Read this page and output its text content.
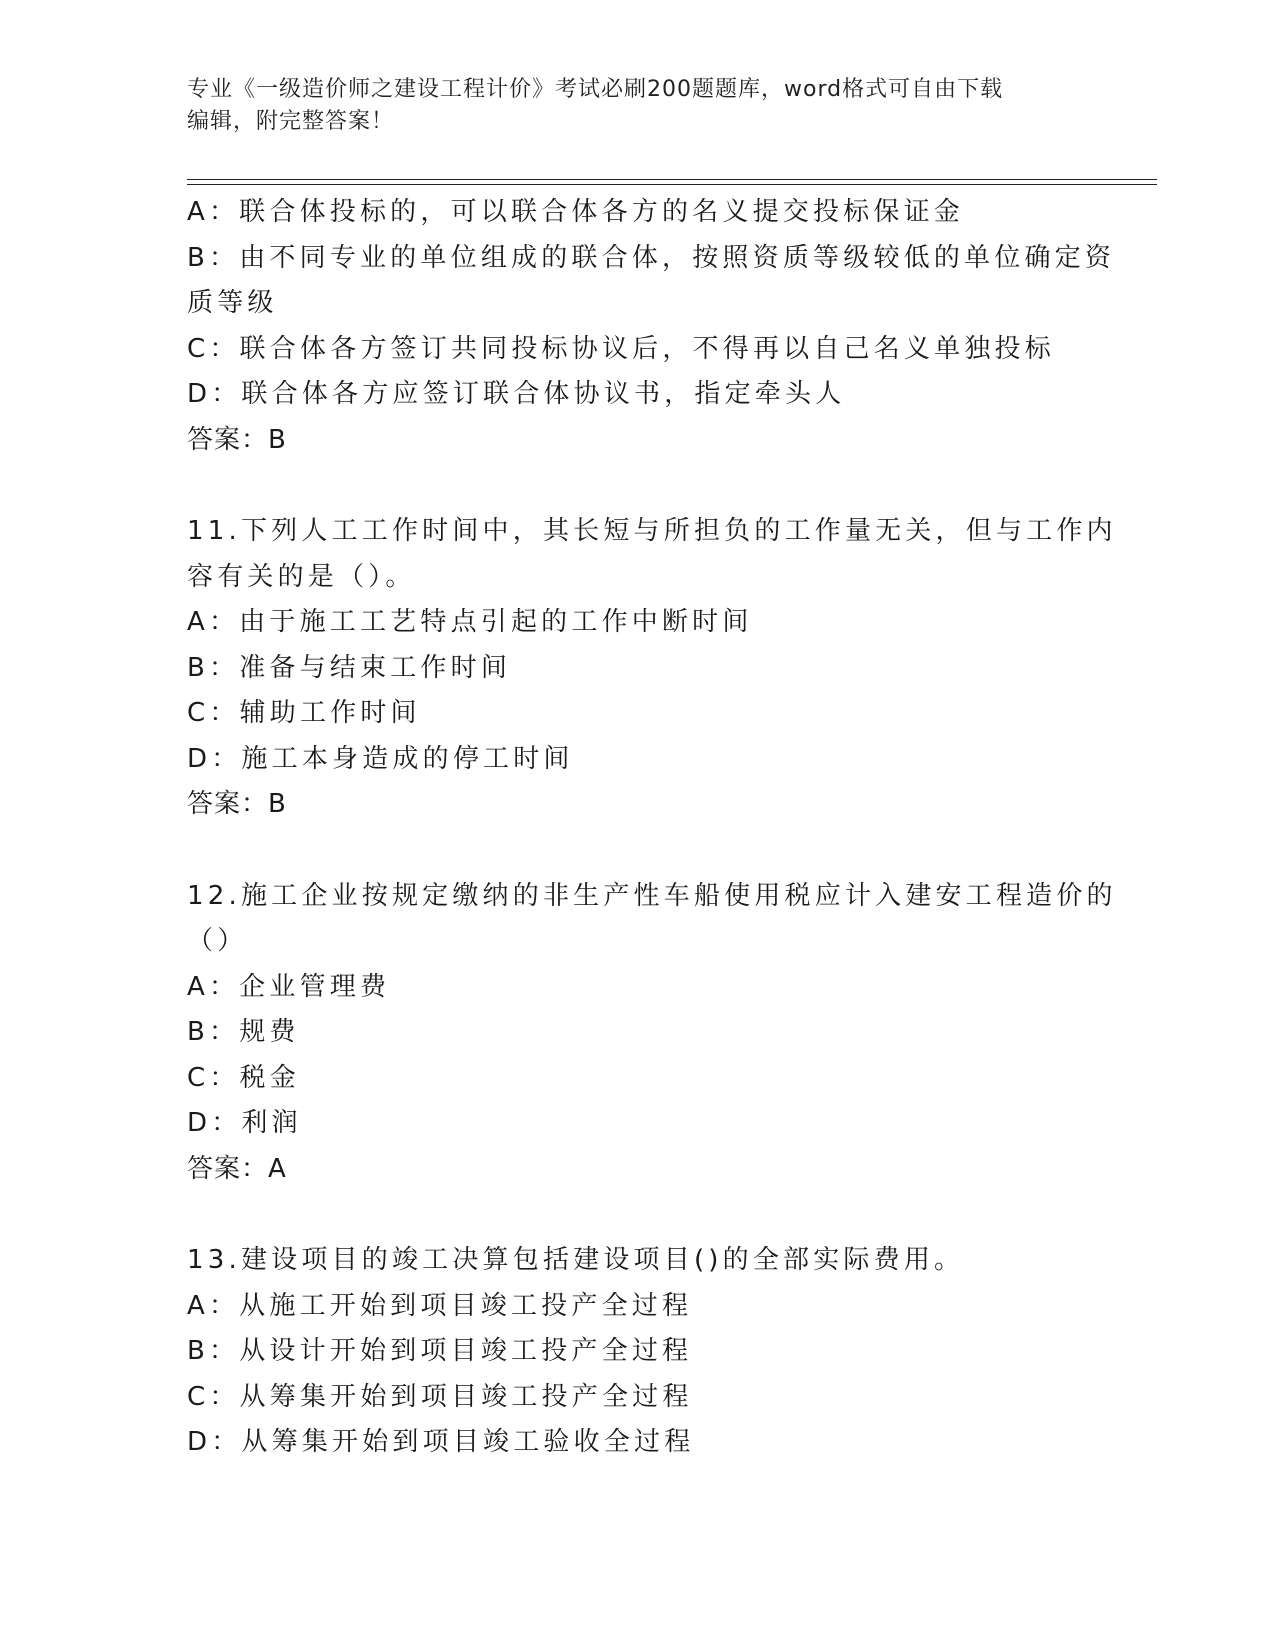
专业《一级造价师之建设工程计价》考试必刷200题题库，word格式可自由下载
编辑，附完整答案！
A：联合体投标的，可以联合体各方的名义提交投标保证金
B：由不同专业的单位组成的联合体，按照资质等级较低的单位确定资
质等级
C：联合体各方签订共同投标协议后，不得再以自己名义单独投标
D：联合体各方应签订联合体协议书，指定牵头人
答案：B
11.下列人工工作时间中，其长短与所担负的工作量无关，但与工作内
容有关的是（）。
A：由于施工工艺特点引起的工作中断时间
B：准备与结束工作时间
C：辅助工作时间
D：施工本身造成的停工时间
答案：B
12.施工企业按规定缴纳的非生产性车船使用税应计入建安工程造价的
（）
A：企业管理费
B：规费
C：税金
D：利润
答案：A
13.建设项目的竣工决算包括建设项目()的全部实际费用。
A：从施工开始到项目竣工投产全过程
B：从设计开始到项目竣工投产全过程
C：从筹集开始到项目竣工投产全过程
D：从筹集开始到项目竣工验收全过程
